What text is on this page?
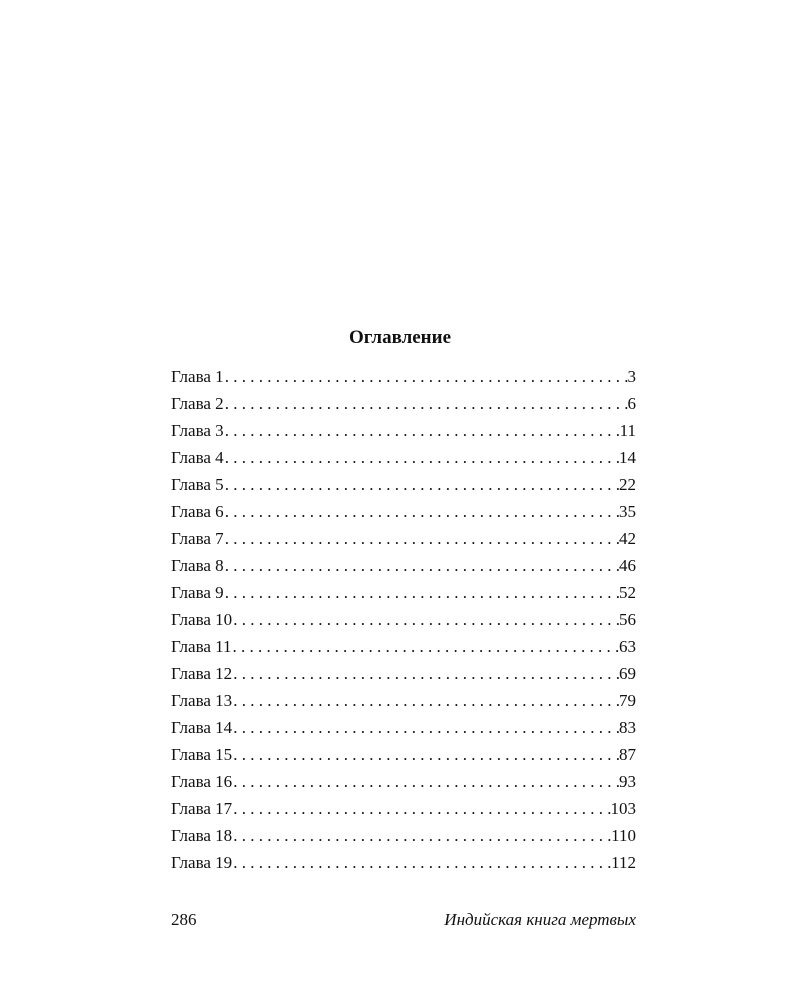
Оглавление
Глава 1 . . .	3
Глава 2 . . .	6
Глава 3 . . .	11
Глава 4 . . .	14
Глава 5 . . .	22
Глава 6 . . .	35
Глава 7 . . .	42
Глава 8 . . .	46
Глава 9 . . .	52
Глава 10 . . .	56
Глава 11 . . .	63
Глава 12 . . .	69
Глава 13 . . .	79
Глава 14 . . .	83
Глава 15 . . .	87
Глава 16 . . .	93
Глава 17 . . .	103
Глава 18 . . .	110
Глава 19 . . .	112
286	Индийская книга мертвых
